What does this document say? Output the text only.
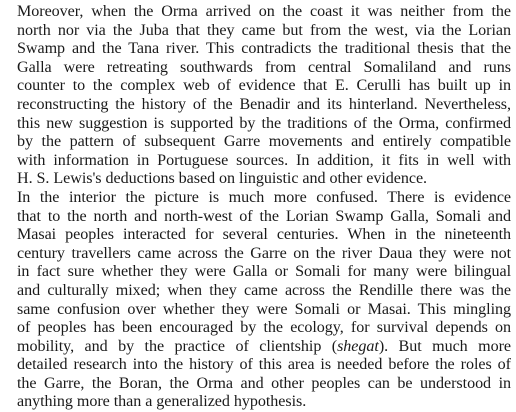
Moreover, when the Orma arrived on the coast it was neither from the
north nor via the Juba that they came but from the west, via the Lorian
Swamp and the Tana river. This contradicts the traditional thesis that the
Galla were retreating southwards from central Somaliland and runs
counter to the complex web of evidence that E. Cerulli has built up in
reconstructing the history of the Benadir and its hinterland. Nevertheless,
this new suggestion is supported by the traditions of the Orma, confirmed
by the pattern of subsequent Garre movements and entirely compatible
with information in Portuguese sources. In addition, it fits in well with
H. S. Lewis's deductions based on linguistic and other evidence.

In the interior the picture is much more confused. There is evidence
that to the north and north-west of the Lorian Swamp Galla, Somali and
Masai peoples interacted for several centuries. When in the nineteenth
century travellers came across the Garre on the river Daua they were not
in fact sure whether they were Galla or Somali for many were bilingual
and culturally mixed; when they came across the Rendille there was the
same confusion over whether they were Somali or Masai. This mingling
of peoples has been encouraged by the ecology, for survival depends on
mobility, and by the practice of clientship (shegat). But much more
detailed research into the history of this area is needed before the roles of
the Garre, the Boran, the Orma and other peoples can be understood in
anything more than a generalized hypothesis.
